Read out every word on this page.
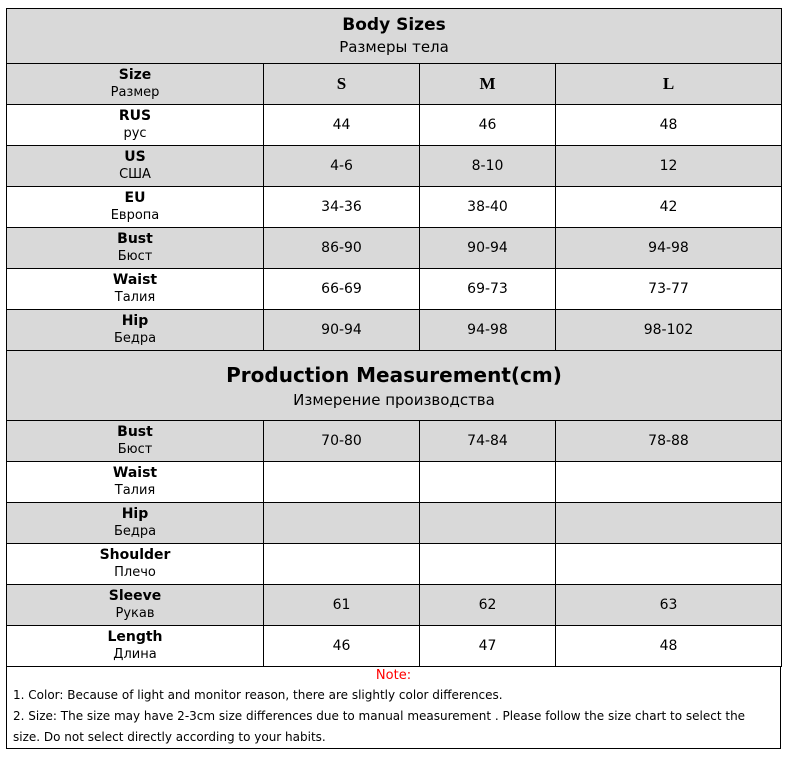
Body Sizes
Размеры тела			

Size
Размер	S	M	L

RUS
рус	44	46	48

US
США	4-6	8-10	12

EU
Европа	34-36	38-40	42

Bust
Бюст	86-90	90-94	94-98

Waist
Талия	66-69	69-73	73-77

Hip
Бедра	90-94	94-98	98-102

Production Measurement(cm)
Измерение производства			

Bust
Бюст	70-80	74-84	78-88

Waist
Талия			

Hip
Бедра			

Shoulder
Плечо			

Sleeve
Рукав	61	62	63

Length
Длина	46	47	48
Note:
1. Color: Because of light and monitor reason, there are slightly color differences.
2. Size: The size may have 2-3cm size differences due to manual measurement . Please follow the size chart to select the size. Do not select directly according to your habits.
